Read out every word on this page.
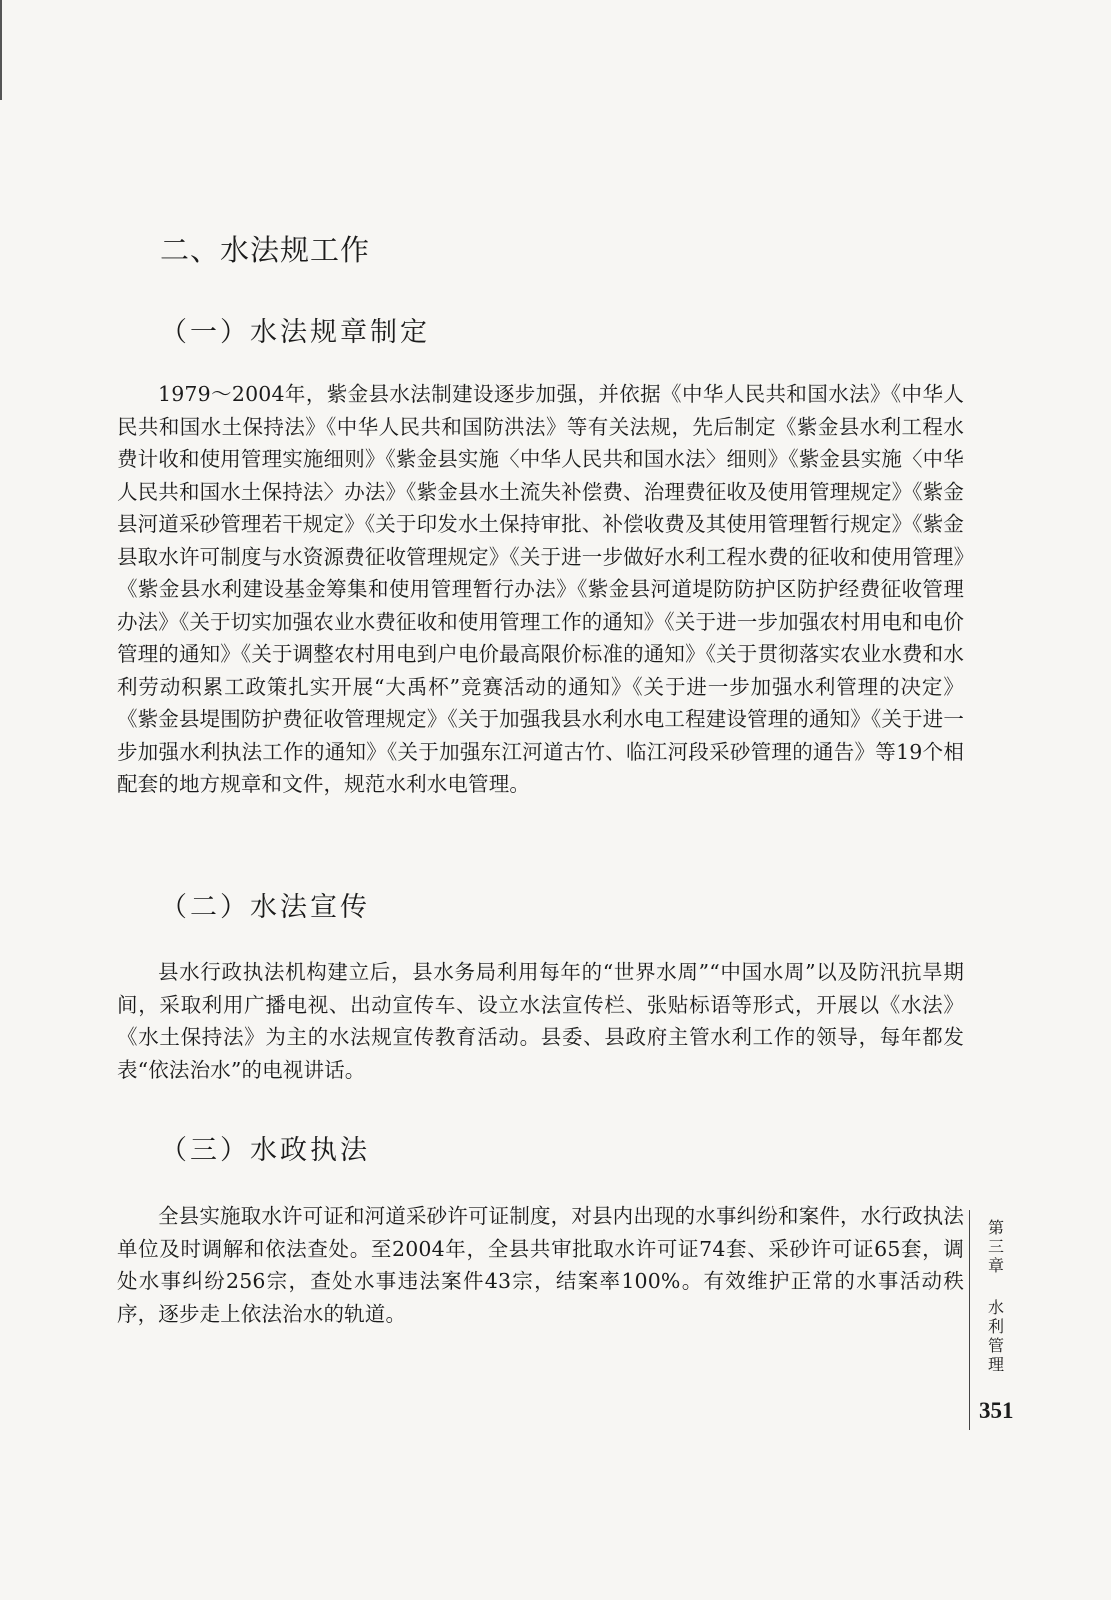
二、水法规工作
（一）水法规章制定

1979～2004年，紫金县水法制建设逐步加强，并依据《中华人民共和国水法》《中华人民共和国水土保持法》《中华人民共和国防洪法》等有关法规，先后制定《紫金县水利工程水费计收和使用管理实施细则》《紫金县实施〈中华人民共和国水法〉细则》《紫金县实施〈中华人民共和国水土保持法〉办法》《紫金县水土流失补偿费、治理费征收及使用管理规定》《紫金县河道采砂管理若干规定》《关于印发水土保持审批、补偿收费及其使用管理暂行规定》《紫金县取水许可制度与水资源费征收管理规定》《关于进一步做好水利工程水费的征收和使用管理》《紫金县水利建设基金筹集和使用管理暂行办法》《紫金县河道堤防防护区防护经费征收管理办法》《关于切实加强农业水费征收和使用管理工作的通知》《关于进一步加强农村用电和电价管理的通知》《关于调整农村用电到户电价最高限价标准的通知》《关于贯彻落实农业水费和水利劳动积累工政策扎实开展“大禹杯”竞赛活动的通知》《关于进一步加强水利管理的决定》《紫金县堤围防护费征收管理规定》《关于加强我县水利水电工程建设管理的通知》《关于进一步加强水利执法工作的通知》《关于加强东江河道古竹、临江河段采砂管理的通告》等19个相配套的地方规章和文件，规范水利水电管理。

（二）水法宣传

县水行政执法机构建立后，县水务局利用每年的“世界水周”“中国水周”以及防汛抗旱期间，采取利用广播电视、出动宣传车、设立水法宣传栏、张贴标语等形式，开展以《水法》《水土保持法》为主的水法规宣传教育活动。县委、县政府主管水利工作的领导，每年都发表“依法治水”的电视讲话。

（三）水政执法

全县实施取水许可证和河道采砂许可证制度，对县内出现的水事纠纷和案件，水行政执法单位及时调解和依法查处。至2004年，全县共审批取水许可证74套、采砂许可证65套，调处水事纠纷256宗，查处水事违法案件43宗，结案率100%。有效维护正常的水事活动秩序，逐步走上依法治水的轨道。

第三章
水利管理
351
